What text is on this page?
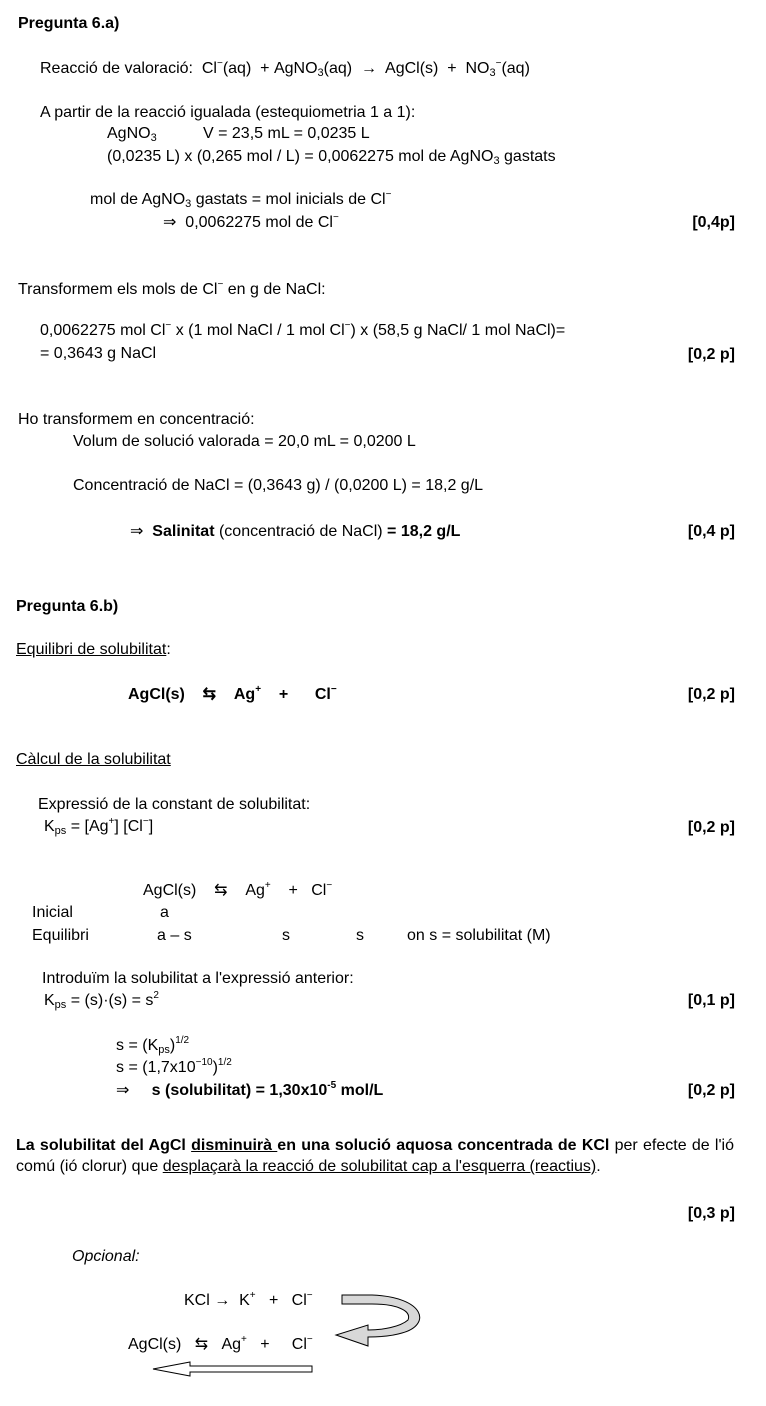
Pregunta 6.a)
Reacció de valoració: Cl−(aq) + AgNO$_3$(aq) → AgCl(s) + $NO_3^-(aq)$
A partir de la reacció igualada (estequiometria 1 a 1):
AgNO$_3$	V = 23,5 mL = 0,0235 L
(0,0235 L) x (0,265 mol / L) = 0,0062275 mol de AgNO$_3$ gastats
mol de AgNO$_3$ gastats = mol inicials de Cl−
⇒ 0,0062275 mol de Cl−	[0,4p]
Transformem els mols de Cl− en g de NaCl:
0,0062275 mol Cl− x (1 mol NaCl / 1 mol Cl−) x (58,5 g NaCl/ 1 mol NaCl)=
= 0,3643 g NaCl	[0,2 p]
Ho transformem en concentració:
Volum de solució valorada = 20,0 mL = 0,0200 L
Concentració de NaCl = (0,3643 g) / (0,0200 L) = 18,2 g/L
⇒ Salinitat (concentració de NaCl) = 18,2 g/L	[0,4 p]
Pregunta 6.b)
Equilibri de solubilitat:
AgCl(s) ⇆ Ag+ + Cl−	[0,2 p]
Càlcul de la solubilitat
Expressió de la constant de solubilitat:
$K_{ps} = [Ag^+]$ [Cl−]	[0,2 p]
AgCl(s) ⇆ Ag+ + Cl−
Inicial	a
Equilibri	a – s	s	s	on s = solubilitat (M)
Introduïm la solubilitat a l'expressió anterior:
$K_{ps} = (s)\cdot(s) = s^2$	[0,1 p]
$s = (K_{ps})^{1/2}$
$s = (1,7x10^{-10})^{1/2}$
⇒ s (solubilitat) = $1,30x10^{-5}$ mol/L	[0,2 p]
La solubilitat del AgCl disminuirà en una solució aquosa concentrada de KCl per efecte de l'ió comú (ió clorur) que desplaçarà la reacció de solubilitat cap a l'esquerra (reactius).
[0,3 p]
Opcional:
KCl → K+ + Cl−
AgCl(s) ⇆ Ag+ + Cl−
